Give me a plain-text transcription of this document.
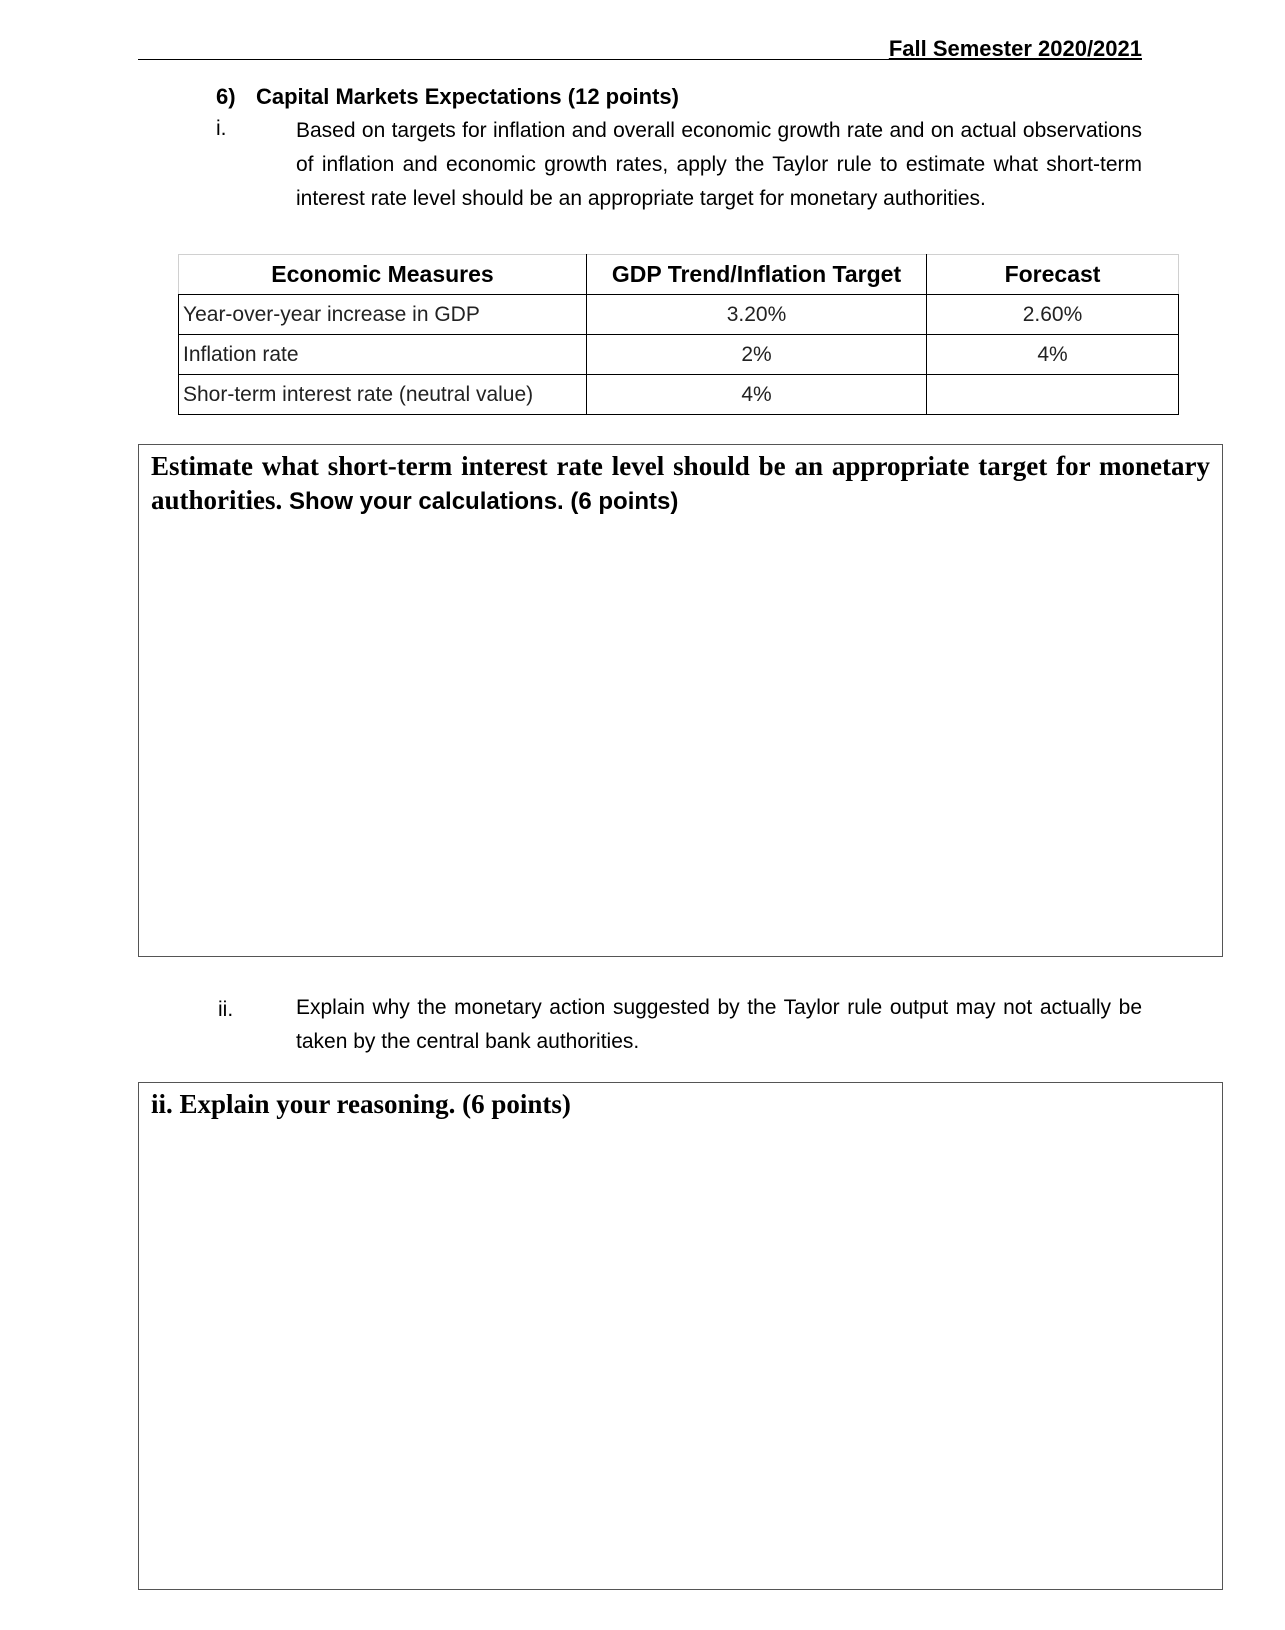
Fall Semester 2020/2021
6) Capital Markets Expectations (12 points)
i.	Based on targets for inflation and overall economic growth rate and on actual observations of inflation and economic growth rates, apply the Taylor rule to estimate what short-term interest rate level should be an appropriate target for monetary authorities.
Economic Measures	GDP Trend/Inflation Target	Forecast
Year-over-year increase in GDP	3.20%	2.60%
Inflation rate	2%	4%
Shor-term interest rate (neutral value)	4%	
Estimate what short-term interest rate level should be an appropriate target for monetary authorities. Show your calculations. (6 points)
ii.	Explain why the monetary action suggested by the Taylor rule output may not actually be taken by the central bank authorities.
ii. Explain your reasoning. (6 points)
